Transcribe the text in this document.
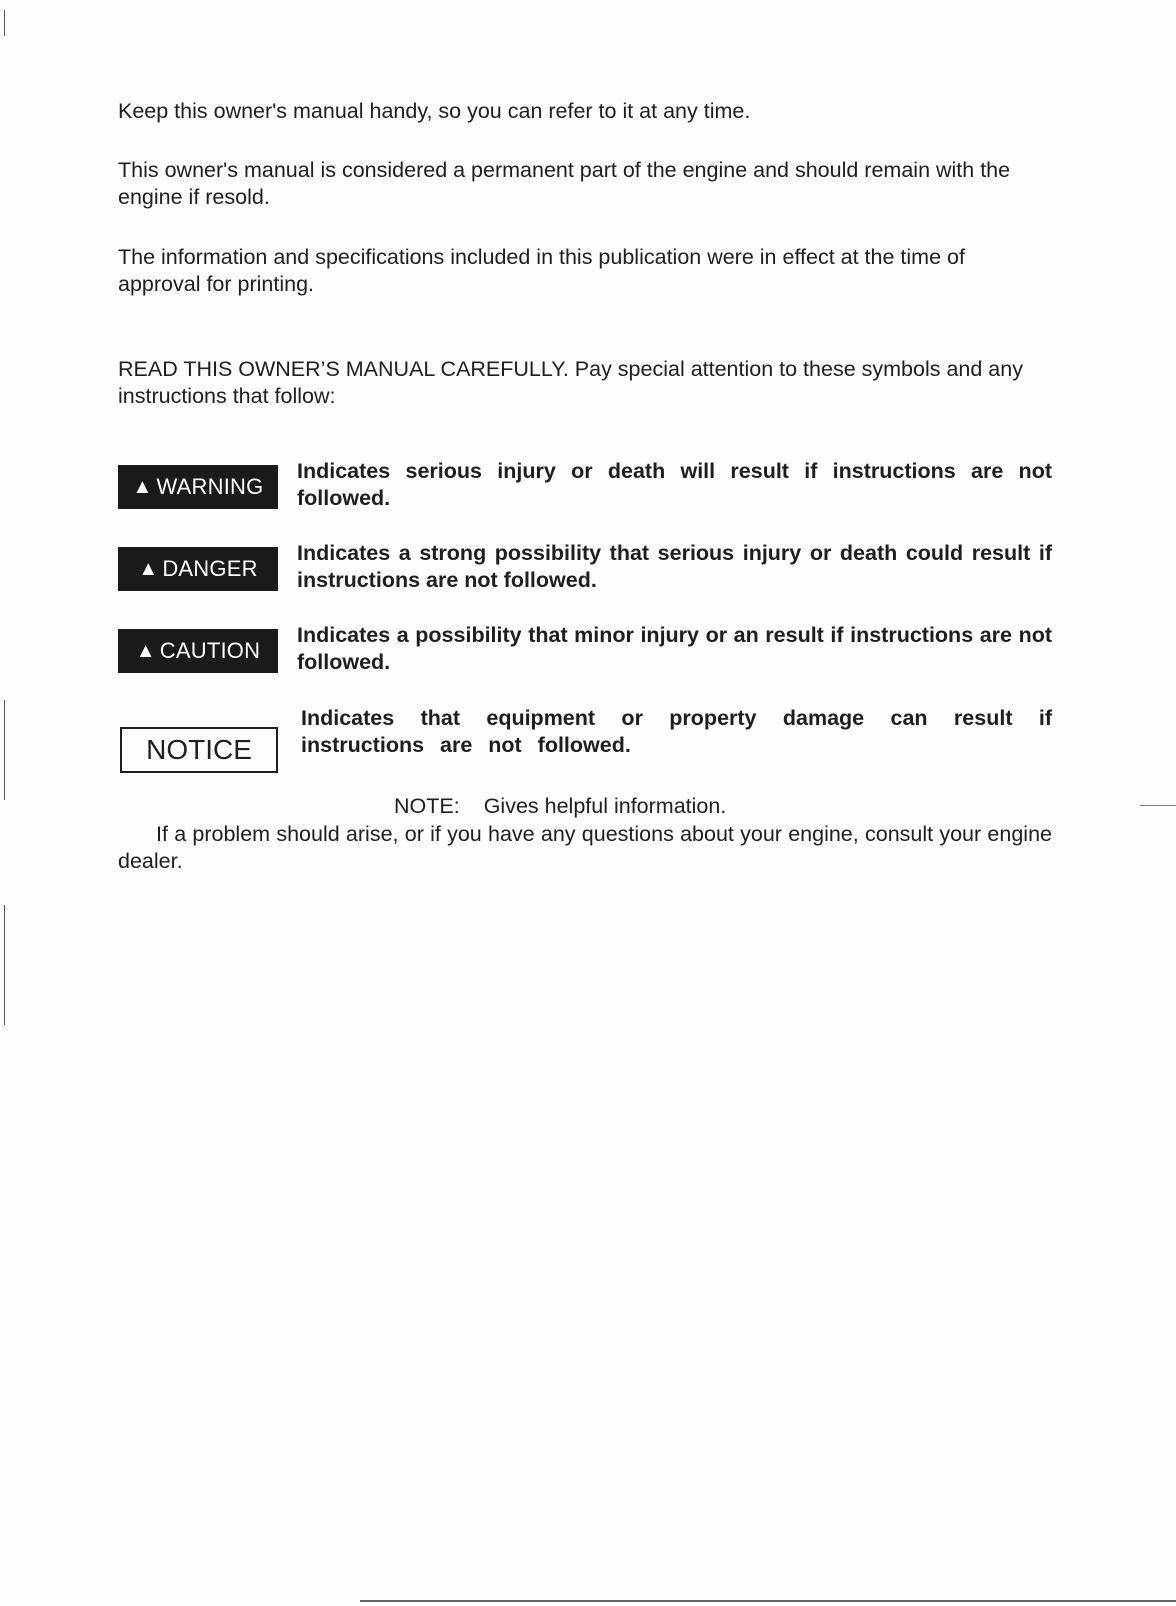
Keep this owner's manual handy, so you can refer to it at any time.

This owner's manual is considered a permanent part of the engine and should remain with the engine if resold.

The information and specifications included in this publication were in effect at the time of approval for printing.

READ THIS OWNER’S MANUAL CAREFULLY. Pay special attention to these symbols and any instructions that follow:

▲ WARNING
Indicates serious injury or death will result if instructions are not followed.
▲ DANGER
Indicates a strong possibility that serious injury or death could result if instructions are not followed.
▲ CAUTION
Indicates a possibility that minor injury or an result if instructions are not followed.
NOTICE
Indicates that equipment or property damage can result if instructions are not followed.
NOTE: Gives helpful information.

If a problem should arise, or if you have any questions about your engine, consult your engine dealer.
